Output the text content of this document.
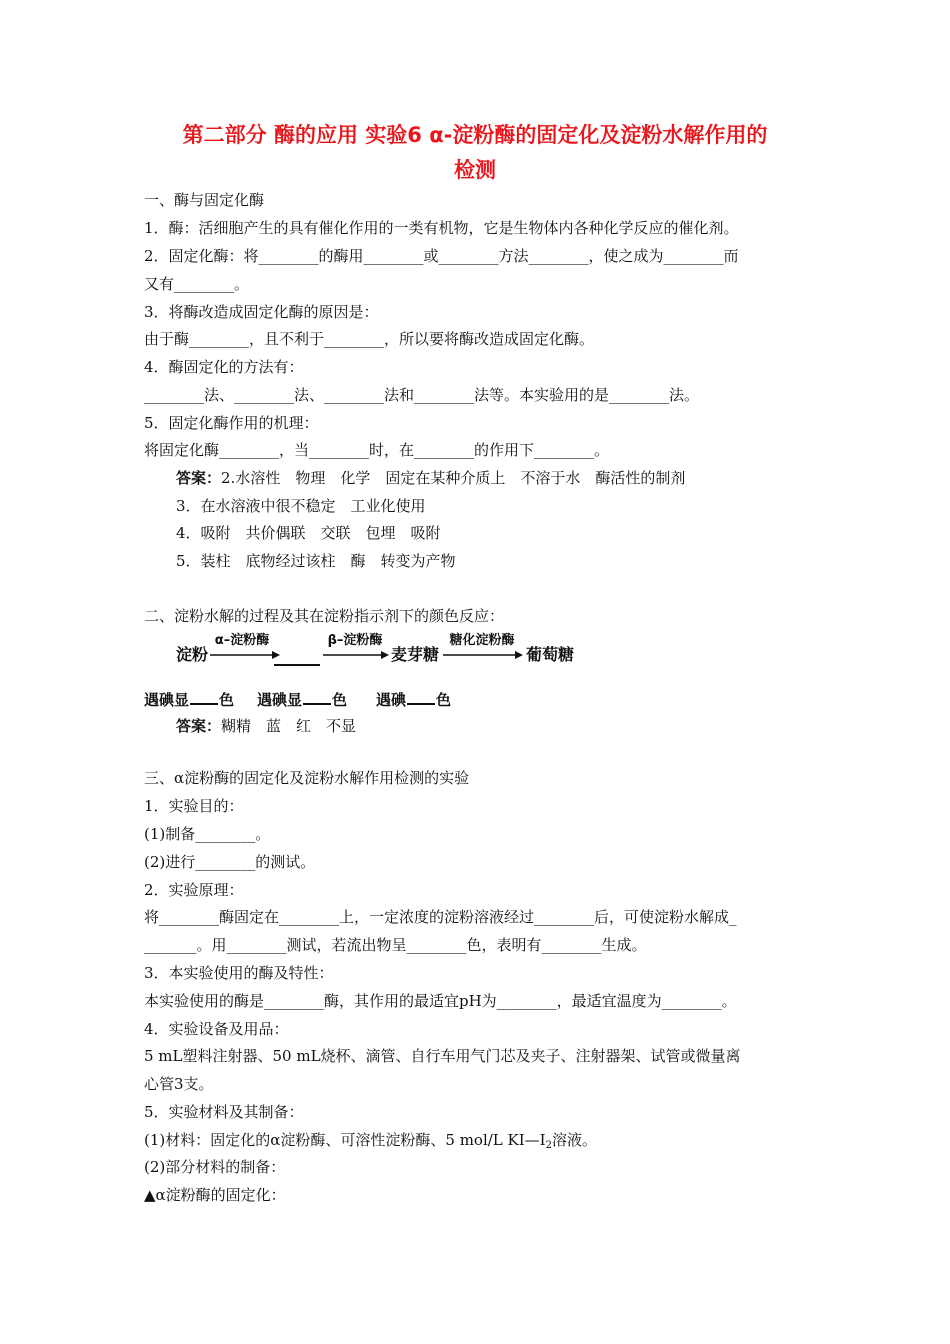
第二部分 酶的应用 实验6 α-淀粉酶的固定化及淀粉水解作用的
检测
一、酶与固定化酶
1．酶：活细胞产生的具有催化作用的一类有机物，它是生物体内各种化学反应的催化剂。
2．固定化酶：将________的酶用________或________方法________，使之成为________而
又有________。
3．将酶改造成固定化酶的原因是：
由于酶________，且不利于________，所以要将酶改造成固定化酶。
4．酶固定化的方法有：
________法、________法、________法和________法等。本实验用的是________法。
5．固定化酶作用的机理：
将固定化酶________，当________时，在________的作用下________。
答案：2.水溶性　物理　化学　固定在某种介质上　不溶于水　酶活性的制剂
3．在水溶液中很不稳定　工业化使用
4．吸附　共价偶联　交联　包埋　吸附
5．装柱　底物经过该柱　酶　转变为产物
二、淀粉水解的过程及其在淀粉指示剂下的颜色反应：
淀粉
α–淀粉酶	β–淀粉酶
麦芽糖
糖化淀粉酶
葡萄糖
遇碘显 色 遇碘显 色 遇碘 色
答案：糊精　蓝　红　不显
三、α淀粉酶的固定化及淀粉水解作用检测的实验
1．实验目的：
(1)制备________。
(2)进行________的测试。
2．实验原理：
将________酶固定在________上，一定浓度的淀粉溶液经过________后，可使淀粉水解成_
_______。用________测试，若流出物呈________色，表明有________生成。
3．本实验使用的酶及特性：
本实验使用的酶是________酶，其作用的最适宜pH为________，最适宜温度为________。
4．实验设备及用品：
5 mL塑料注射器、50 mL烧杯、滴管、自行车用气门芯及夹子、注射器架、试管或微量离
心管3支。
5．实验材料及其制备：
(1)材料：固定化的α淀粉酶、可溶性淀粉酶、5 mol/L $KI—I_2$溶液。
(2)部分材料的制备：
▲α淀粉酶的固定化：
